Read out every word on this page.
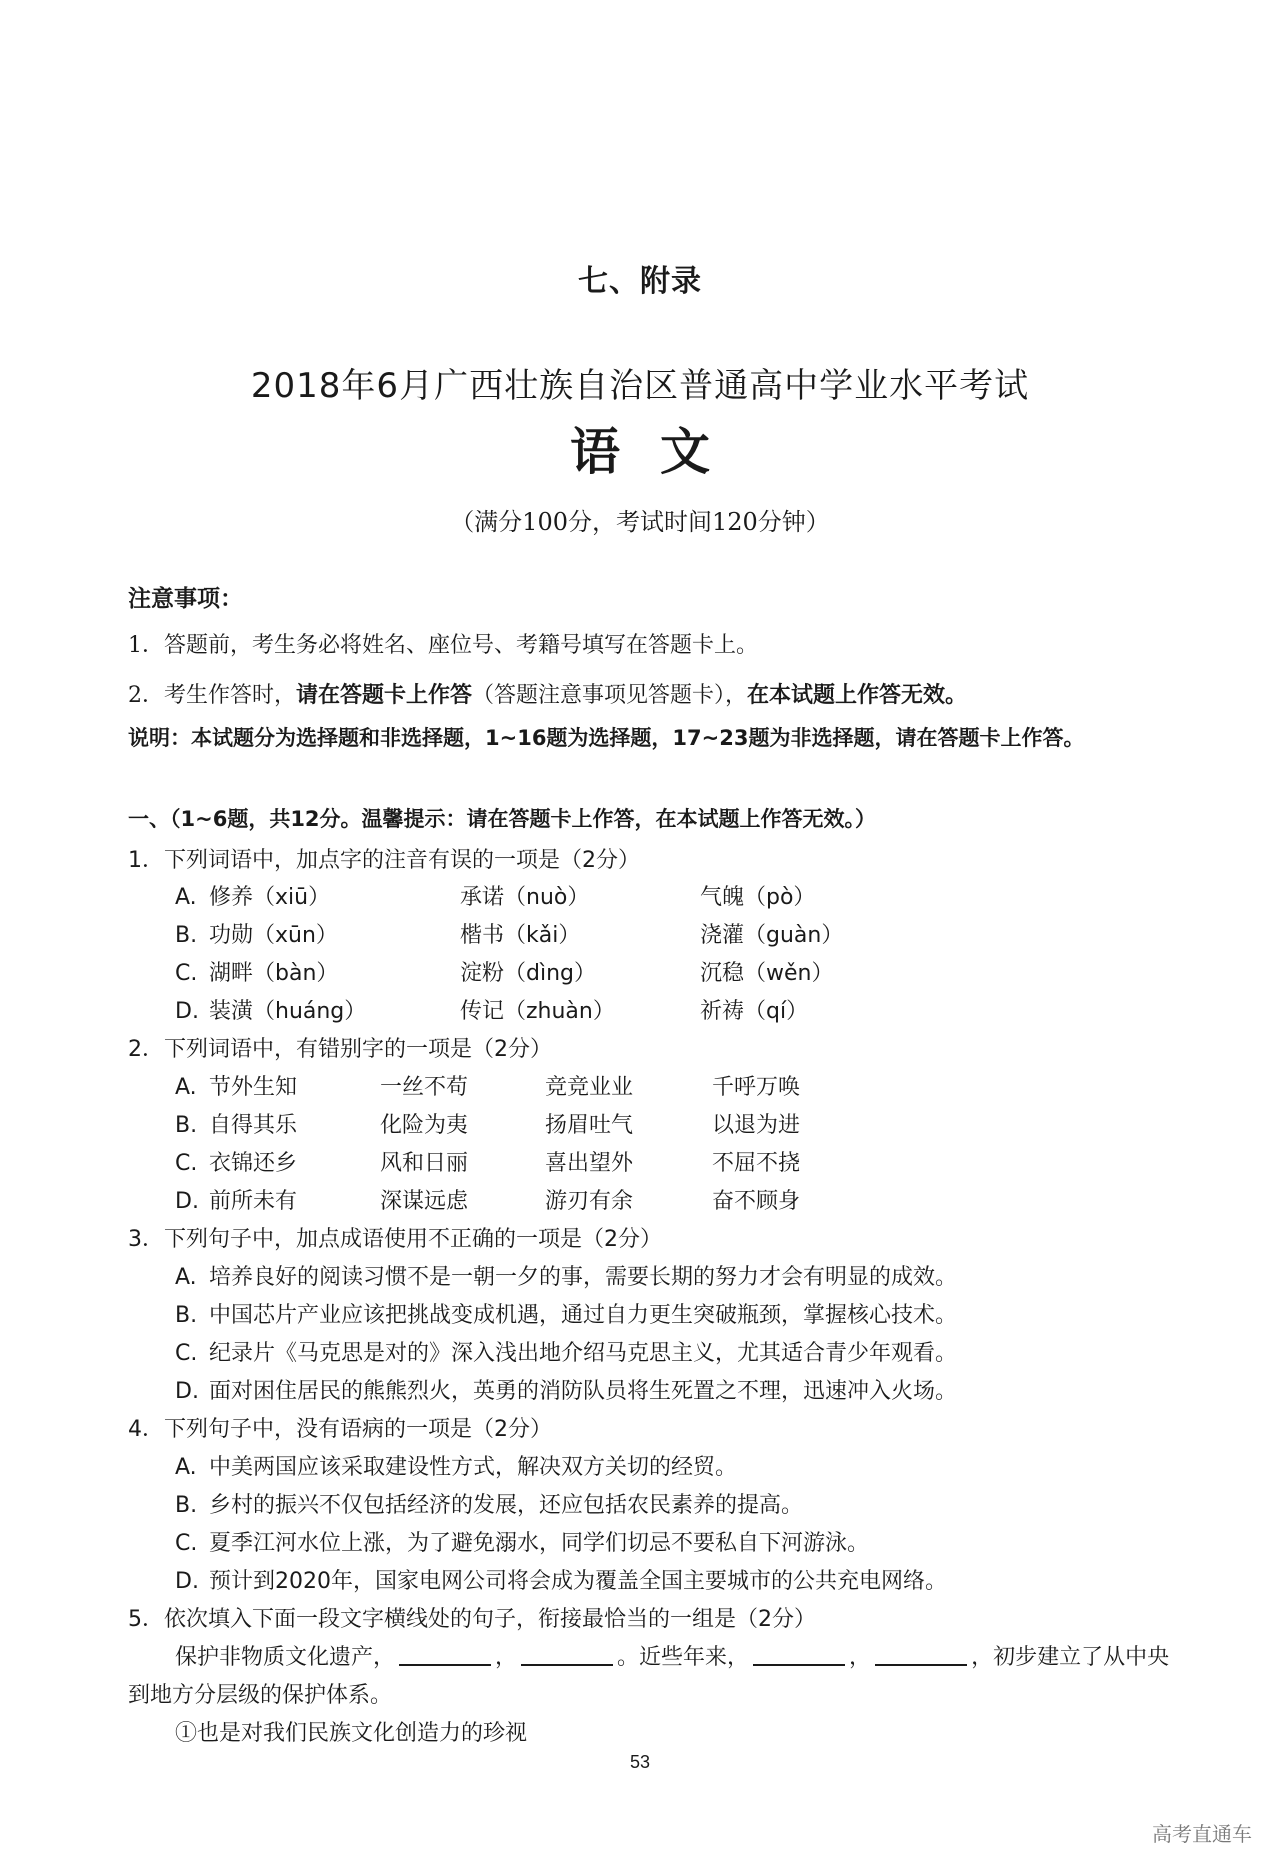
七、附录
2018年6月广西壮族自治区普通高中学业水平考试
语文
（满分100分，考试时间120分钟）
注意事项：
1．答题前，考生务必将姓名、座位号、考籍号填写在答题卡上。
2．考生作答时，请在答题卡上作答（答题注意事项见答题卡），在本试题上作答无效。
说明：本试题分为选择题和非选择题，1~16题为选择题，17~23题为非选择题，请在答题卡上作答。
一、（1~6题，共12分。温馨提示：请在答题卡上作答，在本试题上作答无效。）
1．下列词语中，加点字的注音有误的一项是（2分）
A. 修养（xiū）	承诺（nuò）	气魄（pò）
B. 功勋（xūn）	楷书（kǎi）	浇灌（guàn）
C. 湖畔（bàn）	淀粉（dìng）	沉稳（wěn）
D. 装潢（huáng）	传记（zhuàn）	祈祷（qí）
2．下列词语中，有错别字的一项是（2分）
A. 节外生知	一丝不苟	竞竞业业	千呼万唤
B. 自得其乐	化险为夷	扬眉吐气	以退为进
C. 衣锦还乡	风和日丽	喜出望外	不屈不挠
D. 前所未有	深谋远虑	游刃有余	奋不顾身
3．下列句子中，加点成语使用不正确的一项是（2分）
A. 培养良好的阅读习惯不是一朝一夕的事，需要长期的努力才会有明显的成效。
B. 中国芯片产业应该把挑战变成机遇，通过自力更生突破瓶颈，掌握核心技术。
C. 纪录片《马克思是对的》深入浅出地介绍马克思主义，尤其适合青少年观看。
D. 面对困住居民的熊熊烈火，英勇的消防队员将生死置之不理，迅速冲入火场。
4．下列句子中，没有语病的一项是（2分）
A. 中美两国应该采取建设性方式，解决双方关切的经贸。
B. 乡村的振兴不仅包括经济的发展，还应包括农民素养的提高。
C. 夏季江河水位上涨，为了避免溺水，同学们切忌不要私自下河游泳。
D. 预计到2020年，国家电网公司将会成为覆盖全国主要城市的公共充电网络。
5．依次填入下面一段文字横线处的句子，衔接最恰当的一组是（2分）
保护非物质文化遗产，	，	。近些年来，	，	，初步建立了从中央
到地方分层级的保护体系。
①也是对我们民族文化创造力的珍视
53
高考直通车
